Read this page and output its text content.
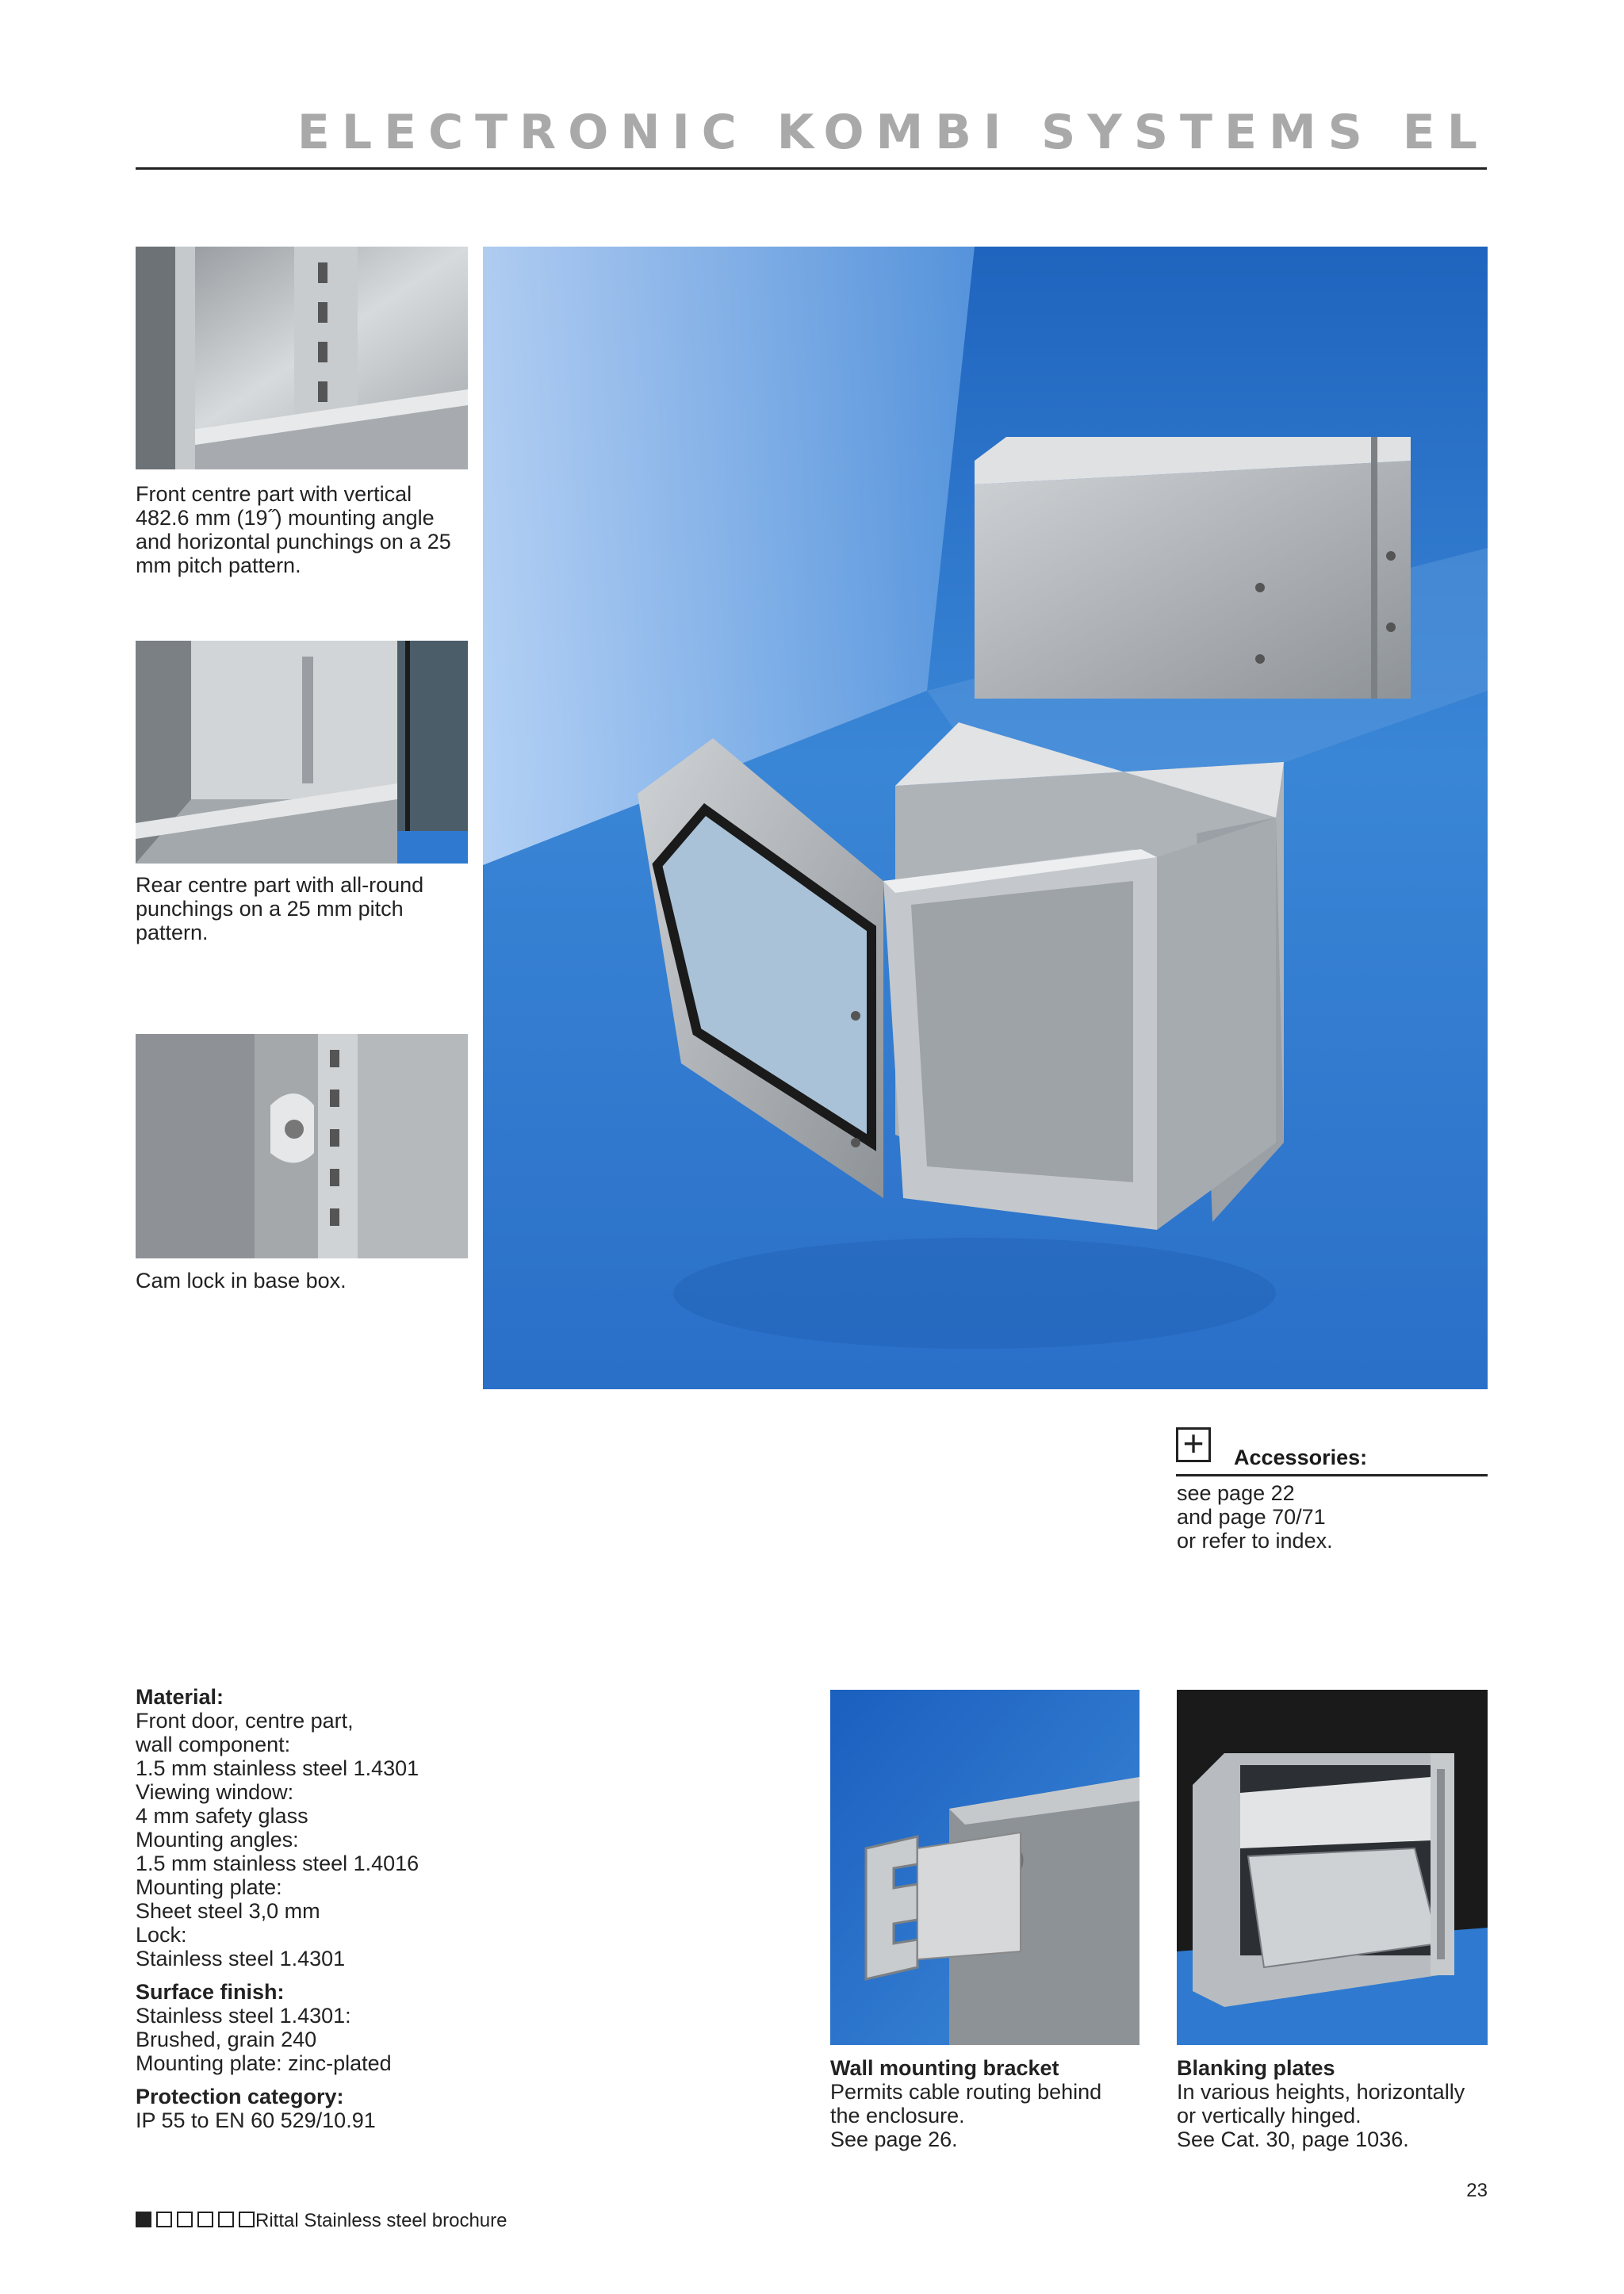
ELECTRONIC KOMBI SYSTEMS EL
Front centre part with vertical 482.6 mm (19˝) mounting angle and horizontal punchings on a 25 mm pitch pattern.
Rear centre part with all-round punchings on a 25 mm pitch pattern.
Cam lock in base box.
+	Accessories:
see page 22
and page 70/71
or refer to index.

Material:

Front door, centre part,

wall component:

1.5 mm stainless steel 1.4301

Viewing window:

4 mm safety glass

Mounting angles:

1.5 mm stainless steel 1.4016

Mounting plate:

Sheet steel 3,0 mm

Lock:

Stainless steel 1.4301

Surface finish:

Stainless steel 1.4301:

Brushed, grain 240

Mounting plate: zinc-plated

Protection category:

IP 55 to EN 60 529/10.91

Wall mounting bracket
Permits cable routing behind
the enclosure.
See page 26.
Blanking plates
In various heights, horizontally
or vertically hinged.
See Cat. 30, page 1036.
23
Rittal Stainless steel brochure
